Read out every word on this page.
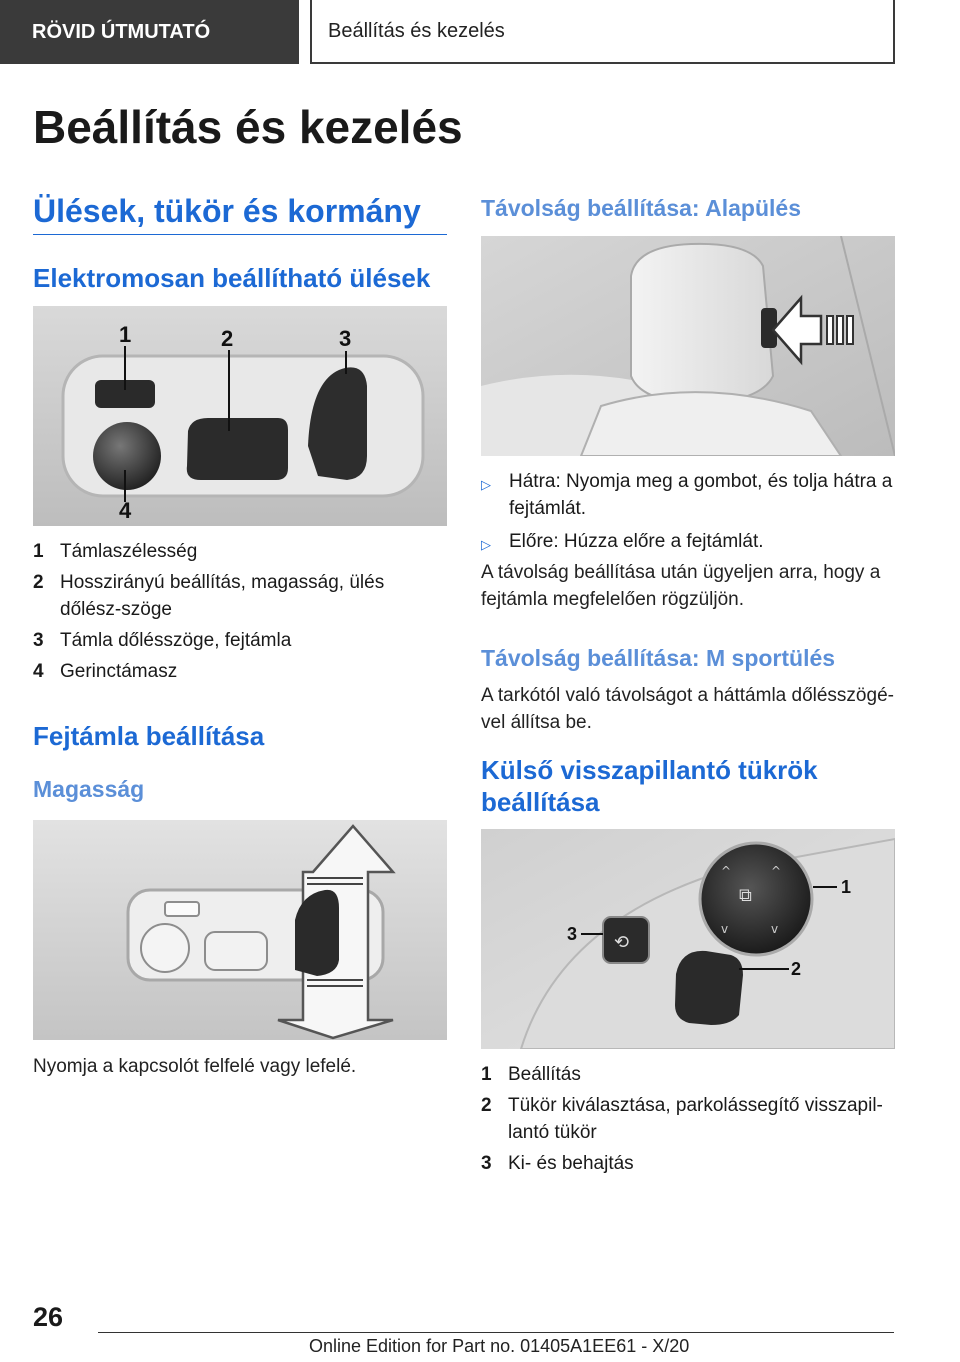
RÖVID ÚTMUTATÓ	Beállítás és kezelés
Beállítás és kezelés
Ülések, tükör és kormány
Elektromosan beállítható ülések
1	2	3
4
1 Támlaszélesség
2 Hosszirányú beállítás, magasság, ülés dőlész-szöge
3 Támla dőlésszöge, fejtámla
4 Gerinctámasz
Fejtámla beállítása
Magasság
Nyomja a kapcsolót felfelé vagy lefelé.
Távolság beállítása: Alapülés
▷ Hátra: Nyomja meg a gombot, és tolja hátra a fejtámlát.
▷ Előre: Húzza előre a fejtámlát.
A távolság beállítása után ügyeljen arra, hogy a fejtámla megfelelően rögzüljön.
Távolság beállítása: M sportülés
A tarkótól való távolságot a háttámla dőlésszögé-vel állítsa be.
Külső visszapillantó tükrök beállítása
⧉
^	^
v	v
⟲
1
2
3
1 Beállítás
2 Tükör kiválasztása, parkolássegítő visszapil-lantó tükör
3 Ki- és behajtás
26
Online Edition for Part no. 01405A1EE61 - X/20
